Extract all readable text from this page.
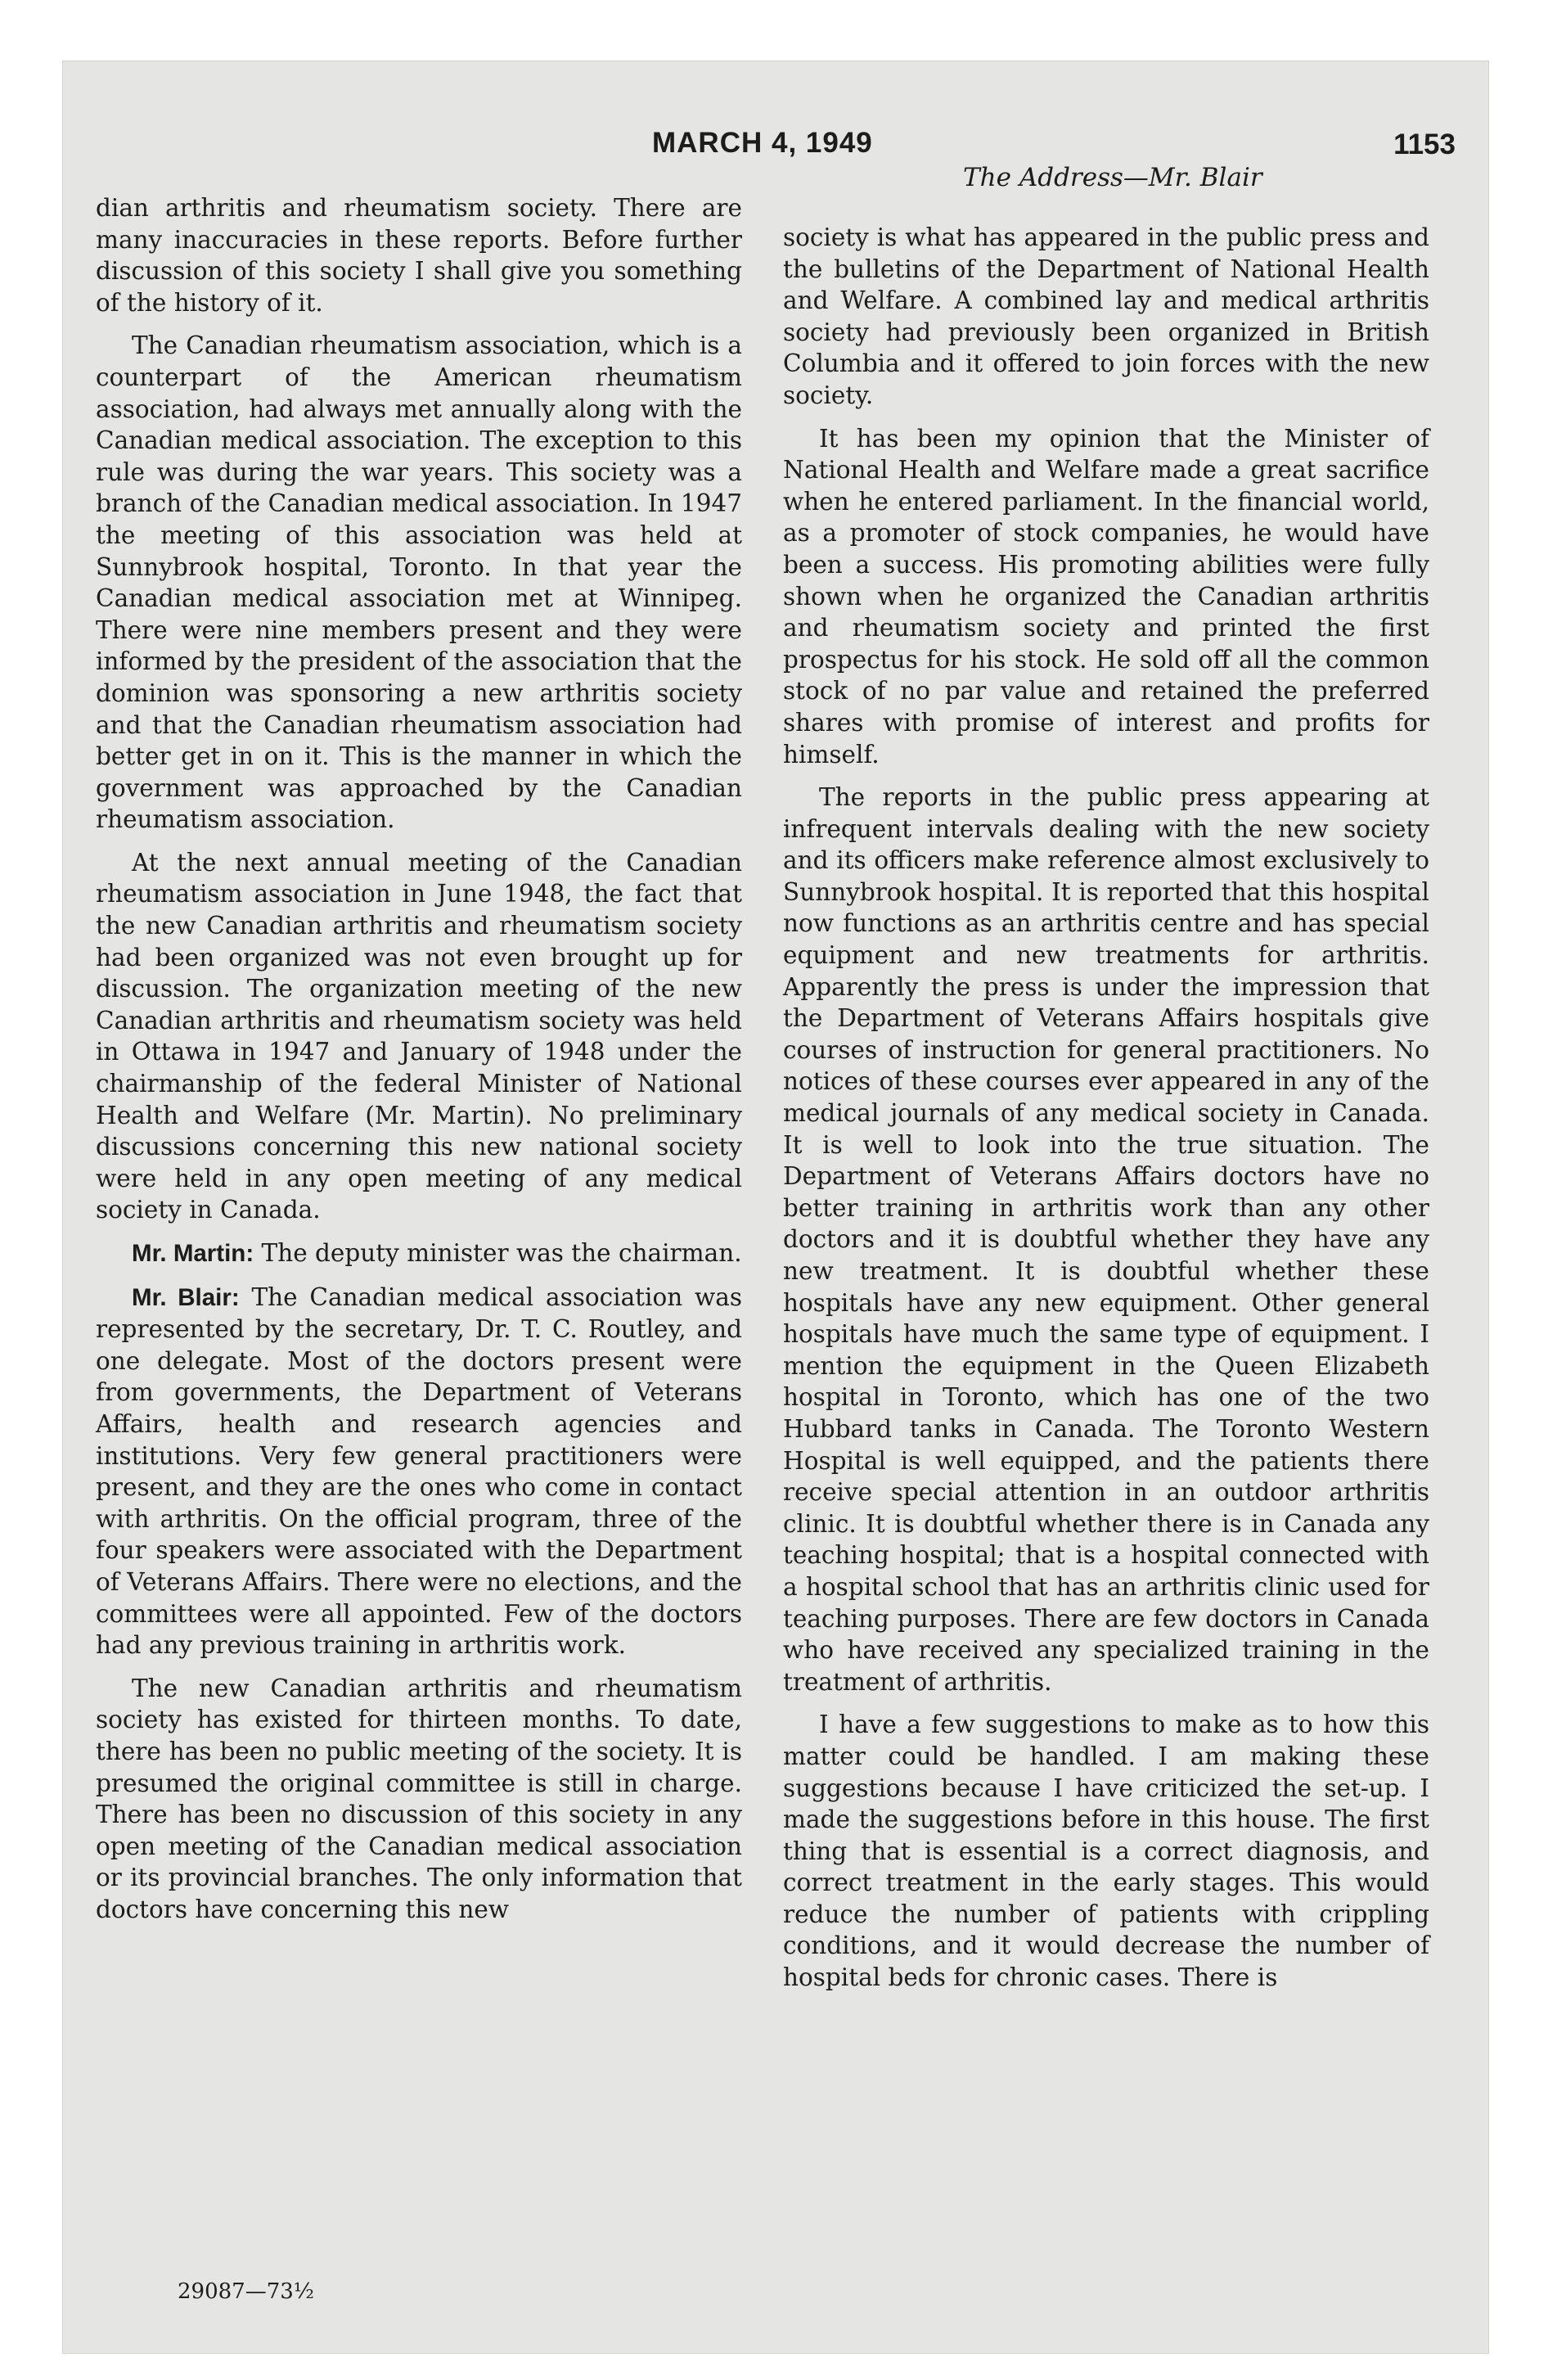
MARCH 4, 1949	1153
The Address—Mr. Blair

dian arthritis and rheumatism society. There are many inaccuracies in these reports. Before further discussion of this society I shall give you something of the history of it.

The Canadian rheumatism association, which is a counterpart of the American rheumatism association, had always met annually along with the Canadian medical association. The exception to this rule was during the war years. This society was a branch of the Canadian medical association. In 1947 the meeting of this association was held at Sunnybrook hospital, Toronto. In that year the Canadian medical association met at Winnipeg. There were nine members present and they were informed by the president of the association that the dominion was sponsoring a new arthritis society and that the Canadian rheumatism association had better get in on it. This is the manner in which the government was approached by the Canadian rheumatism association.

At the next annual meeting of the Canadian rheumatism association in June 1948, the fact that the new Canadian arthritis and rheumatism society had been organized was not even brought up for discussion. The organization meeting of the new Canadian arthritis and rheumatism society was held in Ottawa in 1947 and January of 1948 under the chairmanship of the federal Minister of National Health and Welfare (Mr. Martin). No preliminary discussions concerning this new national society were held in any open meeting of any medical society in Canada.

Mr. Martin: The deputy minister was the chairman.

Mr. Blair: The Canadian medical association was represented by the secretary, Dr. T. C. Routley, and one delegate. Most of the doctors present were from governments, the Department of Veterans Affairs, health and research agencies and institutions. Very few general practitioners were present, and they are the ones who come in contact with arthritis. On the official program, three of the four speakers were associated with the Department of Veterans Affairs. There were no elections, and the committees were all appointed. Few of the doctors had any previous training in arthritis work.

The new Canadian arthritis and rheumatism society has existed for thirteen months. To date, there has been no public meeting of the society. It is presumed the original committee is still in charge. There has been no discussion of this society in any open meeting of the Canadian medical association or its provincial branches. The only information that doctors have concerning this new

society is what has appeared in the public press and the bulletins of the Department of National Health and Welfare. A combined lay and medical arthritis society had previously been organized in British Columbia and it offered to join forces with the new society.

It has been my opinion that the Minister of National Health and Welfare made a great sacrifice when he entered parliament. In the financial world, as a promoter of stock companies, he would have been a success. His promoting abilities were fully shown when he organized the Canadian arthritis and rheumatism society and printed the first prospectus for his stock. He sold off all the common stock of no par value and retained the preferred shares with promise of interest and profits for himself.

The reports in the public press appearing at infrequent intervals dealing with the new society and its officers make reference almost exclusively to Sunnybrook hospital. It is reported that this hospital now functions as an arthritis centre and has special equipment and new treatments for arthritis. Apparently the press is under the impression that the Department of Veterans Affairs hospitals give courses of instruction for general practitioners. No notices of these courses ever appeared in any of the medical journals of any medical society in Canada. It is well to look into the true situation. The Department of Veterans Affairs doctors have no better training in arthritis work than any other doctors and it is doubtful whether they have any new treatment. It is doubtful whether these hospitals have any new equipment. Other general hospitals have much the same type of equipment. I mention the equipment in the Queen Elizabeth hospital in Toronto, which has one of the two Hubbard tanks in Canada. The Toronto Western Hospital is well equipped, and the patients there receive special attention in an outdoor arthritis clinic. It is doubtful whether there is in Canada any teaching hospital; that is a hospital connected with a hospital school that has an arthritis clinic used for teaching purposes. There are few doctors in Canada who have received any specialized training in the treatment of arthritis.

I have a few suggestions to make as to how this matter could be handled. I am making these suggestions because I have criticized the set-up. I made the suggestions before in this house. The first thing that is essential is a correct diagnosis, and correct treatment in the early stages. This would reduce the number of patients with crippling conditions, and it would decrease the number of hospital beds for chronic cases. There is

29087—73½
